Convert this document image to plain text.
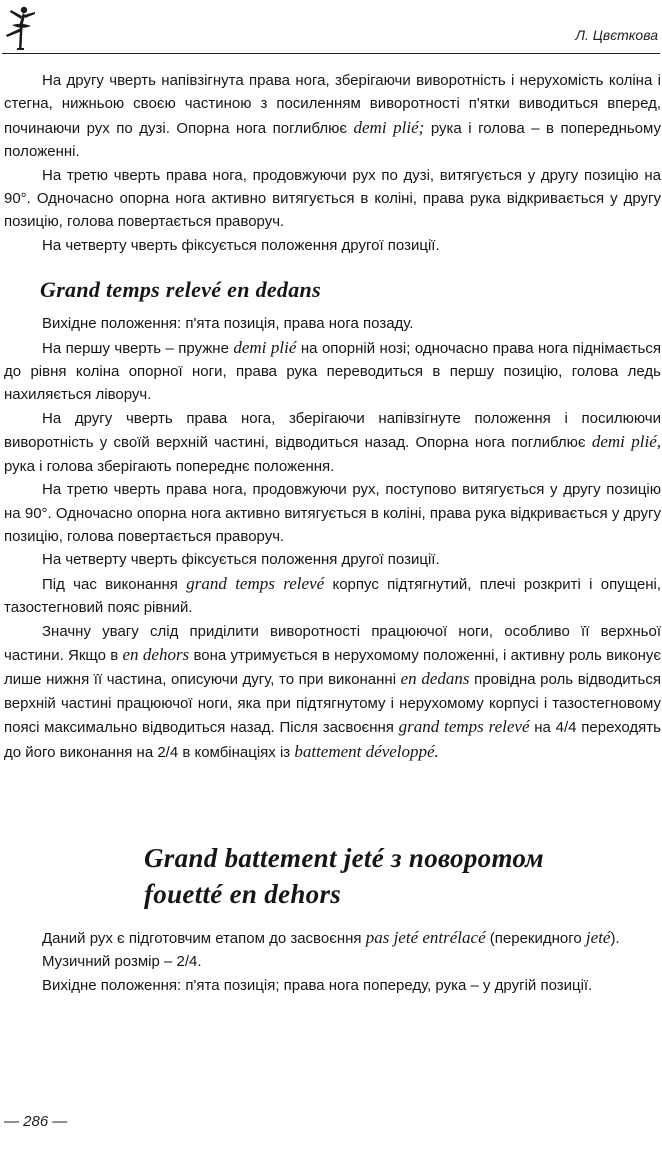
Л. Цвєткова

На другу чверть напівзігнута права нога, зберігаючи виворотність і нерухомість коліна і стегна, нижньою своєю частиною з посиленням виворотності п'ятки виводиться вперед, починаючи рух по дузі. Опорна нога поглиблює demi plié; рука і голова – в попередньому положенні.

На третю чверть права нога, продовжуючи рух по дузі, витягується у другу позицію на 90°. Одночасно опорна нога активно витягується в коліні, права рука відкривається у другу позицію, голова повертається праворуч.

На четверту чверть фіксується положення другої позиції.

Grand temps relevé en dedans

Вихідне положення: п'ята позиція, права нога позаду.

На першу чверть – пружне demi plié на опорній нозі; одночасно права нога піднімається до рівня коліна опорної ноги, права рука переводиться в першу позицію, голова ледь нахиляється ліворуч.

На другу чверть права нога, зберігаючи напівзігнуте положення і посилюючи виворотність у своїй верхній частині, відводиться назад. Опорна нога поглиблює demi plié, рука і голова зберігають попереднє положення.

На третю чверть права нога, продовжуючи рух, поступово витягується у другу позицію на 90°. Одночасно опорна нога активно витягується в коліні, права рука відкривається у другу позицію, голова повертається праворуч.

На четверту чверть фіксується положення другої позиції.

Під час виконання grand temps relevé корпус підтягнутий, плечі розкриті і опущені, тазостегновий пояс рівний.

Значну увагу слід приділити виворотності працюючої ноги, особливо її верхньої частини. Якщо в en dehors вона утримується в нерухомому положенні, і активну роль виконує лише нижня її частина, описуючи дугу, то при виконанні en dedans провідна роль відводиться верхній частині працюючої ноги, яка при підтягнутому і нерухомому корпусі і тазостегновому поясі максимально відводиться назад. Після засвоєння grand temps relevé на 4/4 переходять до його виконання на 2/4 в комбінаціях із battement développé.

Grand battement jeté з поворотом
fouetté en dehors

Даний рух є підготовчим етапом до засвоєння pas jeté entrélacé (перекидного jeté).

Музичний розмір – 2/4.

Вихідне положення: п'ята позиція; права нога попереду, рука – у другій позиції.

— 286 —
